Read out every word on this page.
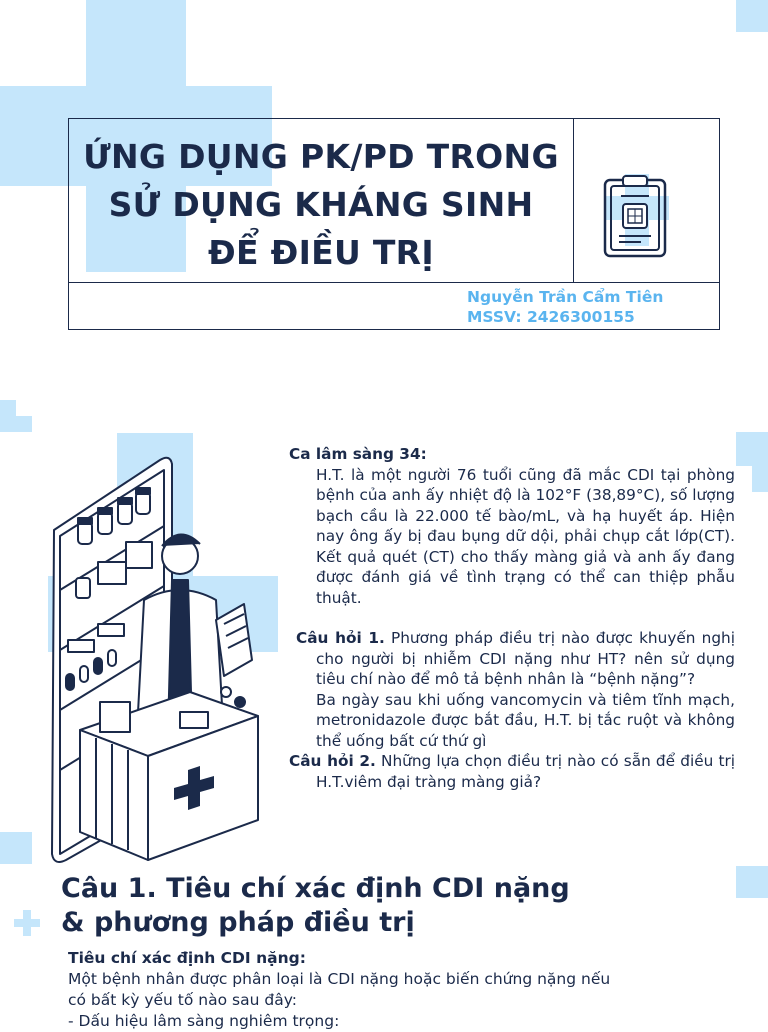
ỨNG DỤNG PK/PD TRONG
SỬ DỤNG KHÁNG SINH
ĐỂ ĐIỀU TRỊ
Nguyễn Trần Cẩm Tiên
MSSV: 2426300155

Ca lâm sàng 34:

H.T. là một người 76 tuổi cũng đã mắc CDI tại phòng bệnh của anh ấy nhiệt độ là 102°F (38,89°C), số lượng bạch cầu là 22.000 tế bào/mL, và hạ huyết áp. Hiện nay ông ấy bị đau bụng dữ dội, phải chụp cắt lớp(CT). Kết quả quét (CT) cho thấy màng giả và anh ấy đang được đánh giá về tình trạng có thể can thiệp phẫu thuật.

Câu hỏi 1. Phương pháp điều trị nào được khuyến nghị cho người bị nhiễm CDI nặng như HT? nên sử dụng tiêu chí nào để mô tả bệnh nhân là “bệnh nặng”?

Ba ngày sau khi uống vancomycin và tiêm tĩnh mạch, metronidazole được bắt đầu, H.T. bị tắc ruột và không thể uống bất cứ thứ gì

Câu hỏi 2. Những lựa chọn điều trị nào có sẵn để điều trị H.T.viêm đại tràng màng giả?

Câu 1. Tiêu chí xác định CDI nặng
& phương pháp điều trị
Tiêu chí xác định CDI nặng:
Một bệnh nhân được phân loại là CDI nặng hoặc biến chứng nặng nếu
có bất kỳ yếu tố nào sau đây:
- Dấu hiệu lâm sàng nghiêm trọng:
